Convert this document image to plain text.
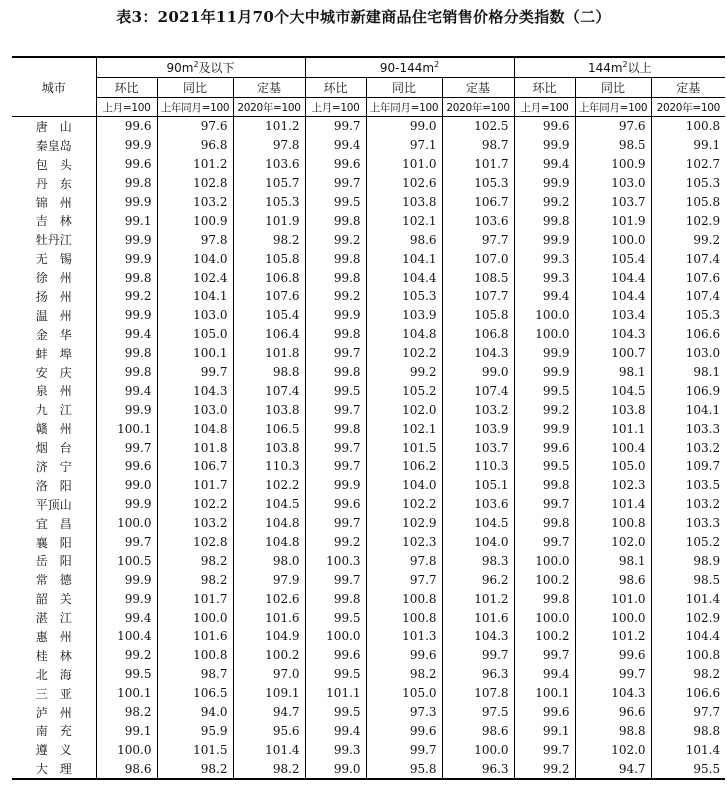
表3：2021年11月70个大中城市新建商品住宅销售价格分类指数（二）
城市	$90m^2$及以下			$90-144m^2$			$144m^2$以上		
	环比	同比	定基	环比	同比	定基	环比	同比	定基
	上月=100	上年同月=100	2020年=100	上月=100	上年同月=100	2020年=100	上月=100	上年同月=100	2020年=100
唐　山	99.6	97.6	101.2	99.7	99.0	102.5	99.6	97.6	100.8
秦皇岛	99.9	96.8	97.8	99.4	97.1	98.7	99.9	98.5	99.1
包　头	99.6	101.2	103.6	99.6	101.0	101.7	99.4	100.9	102.7
丹　东	99.8	102.8	105.7	99.7	102.6	105.3	99.9	103.0	105.3
锦　州	99.9	103.2	105.3	99.5	103.8	106.7	99.2	103.7	105.8
吉　林	99.1	100.9	101.9	99.8	102.1	103.6	99.8	101.9	102.9
牡丹江	99.9	97.8	98.2	99.2	98.6	97.7	99.9	100.0	99.2
无　锡	99.9	104.0	105.8	99.8	104.1	107.0	99.3	105.4	107.4
徐　州	99.8	102.4	106.8	99.8	104.4	108.5	99.3	104.4	107.6
扬　州	99.2	104.1	107.6	99.2	105.3	107.7	99.4	104.4	107.4
温　州	99.9	103.0	105.4	99.9	103.9	105.8	100.0	103.4	105.3
金　华	99.4	105.0	106.4	99.8	104.8	106.8	100.0	104.3	106.6
蚌　埠	99.8	100.1	101.8	99.7	102.2	104.3	99.9	100.7	103.0
安　庆	99.8	99.7	98.8	99.8	99.2	99.0	99.9	98.1	98.1
泉　州	99.4	104.3	107.4	99.5	105.2	107.4	99.5	104.5	106.9
九　江	99.9	103.0	103.8	99.7	102.0	103.2	99.2	103.8	104.1
赣　州	100.1	104.8	106.5	99.8	102.1	103.9	99.9	101.1	103.3
烟　台	99.7	101.8	103.8	99.7	101.5	103.7	99.6	100.4	103.2
济　宁	99.6	106.7	110.3	99.7	106.2	110.3	99.5	105.0	109.7
洛　阳	99.0	101.7	102.2	99.9	104.0	105.1	99.8	102.3	103.5
平顶山	99.9	102.2	104.5	99.6	102.2	103.6	99.7	101.4	103.2
宜　昌	100.0	103.2	104.8	99.7	102.9	104.5	99.8	100.8	103.3
襄　阳	99.7	102.8	104.8	99.2	102.3	104.0	99.7	102.0	105.2
岳　阳	100.5	98.2	98.0	100.3	97.8	98.3	100.0	98.1	98.9
常　德	99.9	98.2	97.9	99.7	97.7	96.2	100.2	98.6	98.5
韶　关	99.9	101.7	102.6	99.8	100.8	101.2	99.8	101.0	101.4
湛　江	99.4	100.0	101.6	99.5	100.8	101.6	100.0	100.0	102.9
惠　州	100.4	101.6	104.9	100.0	101.3	104.3	100.2	101.2	104.4
桂　林	99.2	100.8	100.2	99.6	99.6	99.7	99.7	99.6	100.8
北　海	99.5	98.7	97.0	99.5	98.2	96.3	99.4	99.7	98.2
三　亚	100.1	106.5	109.1	101.1	105.0	107.8	100.1	104.3	106.6
泸　州	98.2	94.0	94.7	99.5	97.3	97.5	99.6	96.6	97.7
南　充	99.1	95.9	95.6	99.4	99.6	98.6	99.1	98.8	98.8
遵　义	100.0	101.5	101.4	99.3	99.7	100.0	99.7	102.0	101.4
大　理	98.6	98.2	98.2	99.0	95.8	96.3	99.2	94.7	95.5
